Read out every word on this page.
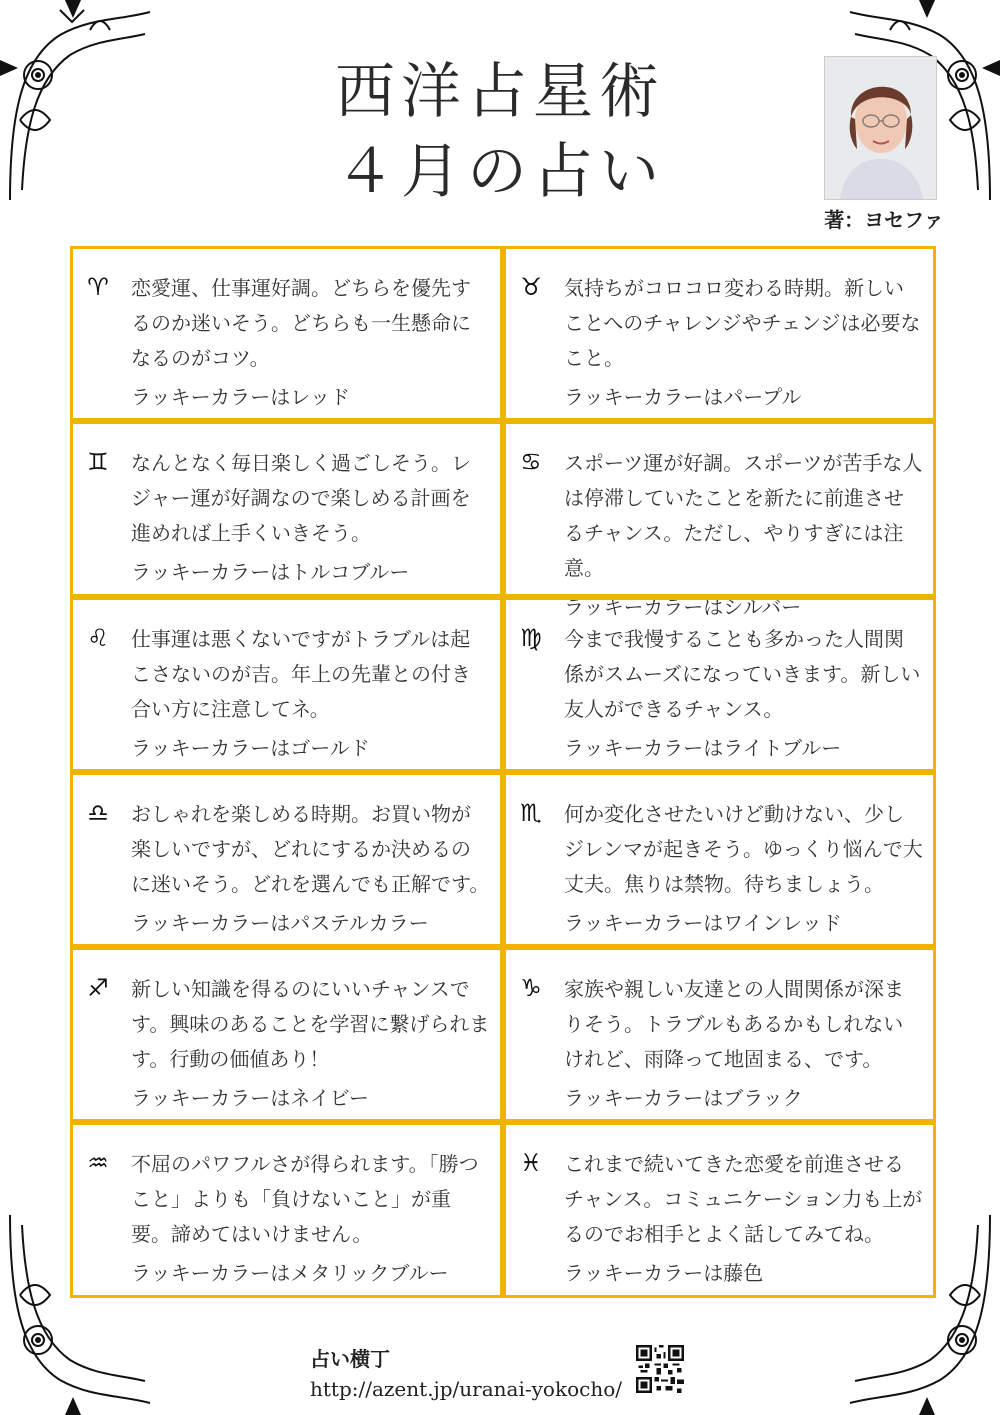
西洋占星術
４月の占い
著：ヨセファ
♈ 恋愛運、仕事運好調。どちらを優先するのか迷いそう。どちらも一生懸命になるのがコツ。

ラッキーカラーはレッド

♉ 気持ちがコロコロ変わる時期。新しいことへのチャレンジやチェンジは必要なこと。

ラッキーカラーはパープル

♊ なんとなく毎日楽しく過ごしそう。レジャー運が好調なので楽しめる計画を進めれば上手くいきそう。

ラッキーカラーはトルコブルー

♋ スポーツ運が好調。スポーツが苦手な人は停滞していたことを新たに前進させるチャンス。ただし、やりすぎには注意。

ラッキーカラーはシルバー

♌ 仕事運は悪くないですがトラブルは起こさないのが吉。年上の先輩との付き合い方に注意してネ。

ラッキーカラーはゴールド

♍ 今まで我慢することも多かった人間関係がスムーズになっていきます。新しい友人ができるチャンス。

ラッキーカラーはライトブルー

♎ おしゃれを楽しめる時期。お買い物が楽しいですが、どれにするか決めるのに迷いそう。どれを選んでも正解です。

ラッキーカラーはパステルカラー

♏ 何か変化させたいけど動けない、少しジレンマが起きそう。ゆっくり悩んで大丈夫。焦りは禁物。待ちましょう。

ラッキーカラーはワインレッド

♐ 新しい知識を得るのにいいチャンスです。興味のあることを学習に繋げられます。行動の価値あり！

ラッキーカラーはネイビー

♑ 家族や親しい友達との人間関係が深まりそう。トラブルもあるかもしれないけれど、雨降って地固まる、です。

ラッキーカラーはブラック

♒ 不屈のパワフルさが得られます。「勝つこと」よりも「負けないこと」が重要。諦めてはいけません。

ラッキーカラーはメタリックブルー

♓ これまで続いてきた恋愛を前進させるチャンス。コミュニケーション力も上がるのでお相手とよく話してみてね。

ラッキーカラーは藤色

占い横丁
http://azent.jp/uranai-yokocho/
